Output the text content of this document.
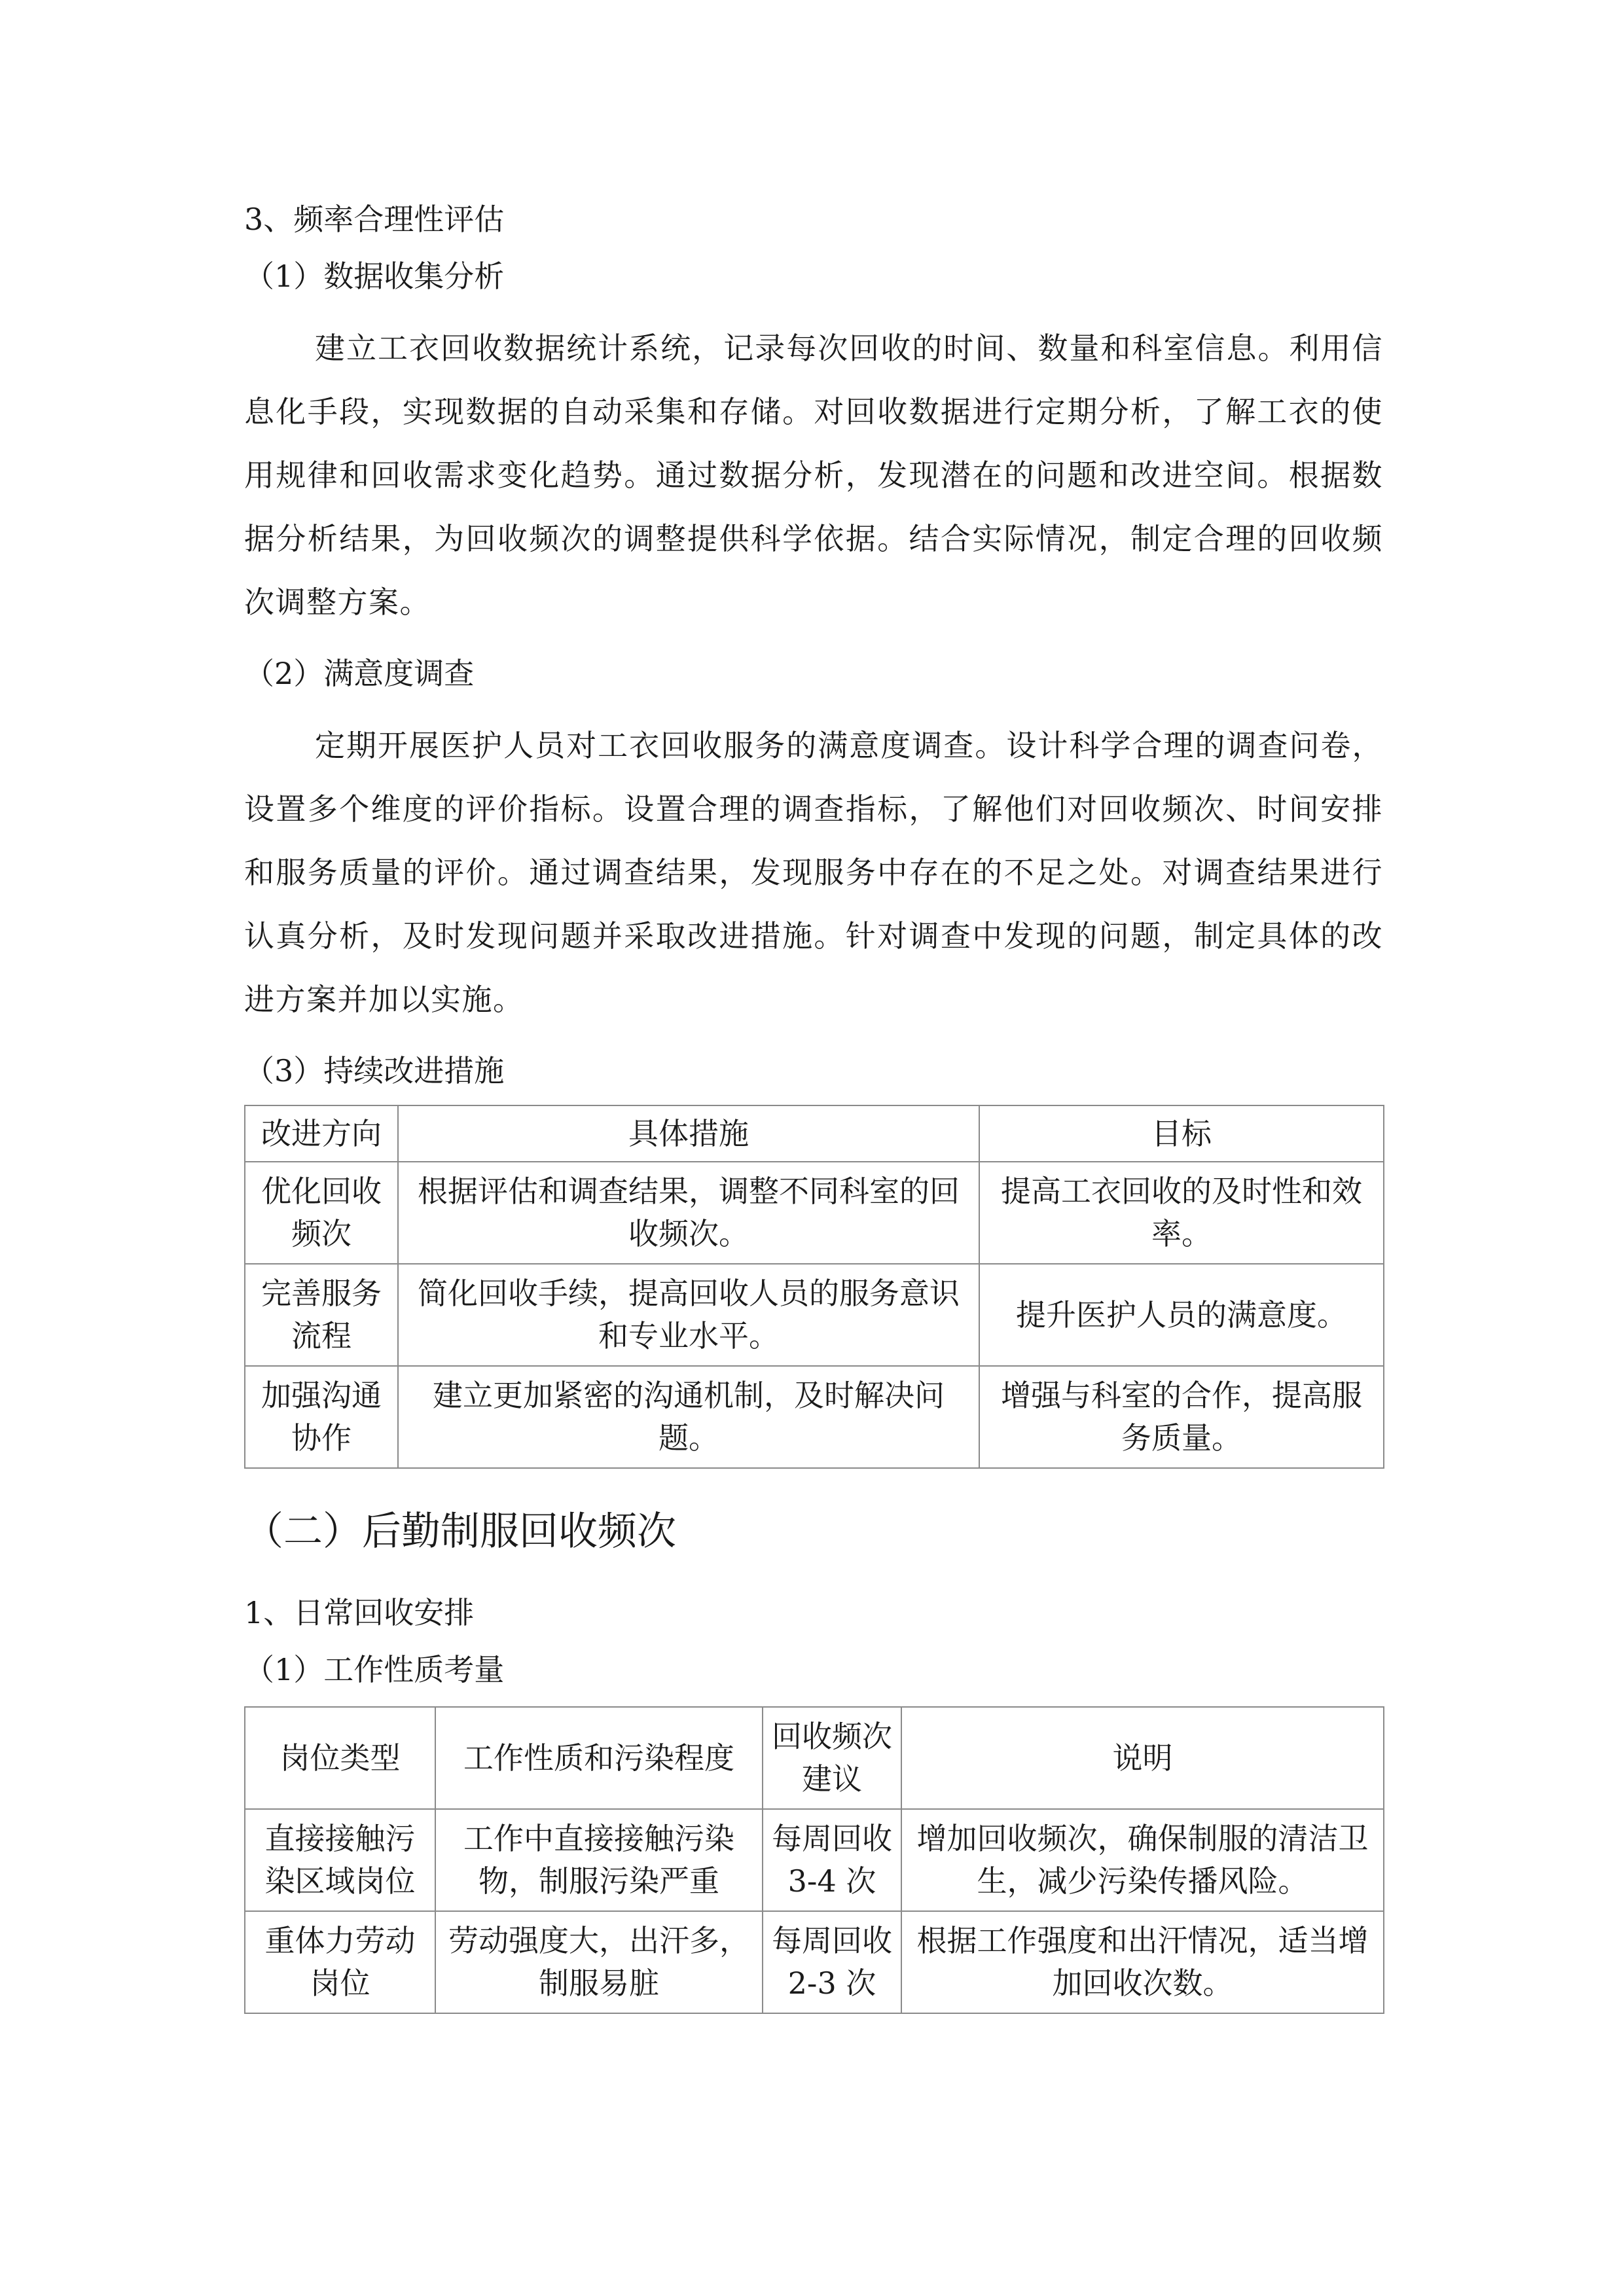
3、频率合理性评估
（1）数据收集分析
建立工衣回收数据统计系统，记录每次回收的时间、数量和科室信息。利用信息化手段，实现数据的自动采集和存储。对回收数据进行定期分析，了解工衣的使用规律和回收需求变化趋势。通过数据分析，发现潜在的问题和改进空间。根据数据分析结果，为回收频次的调整提供科学依据。结合实际情况，制定合理的回收频次调整方案。
（2）满意度调查
定期开展医护人员对工衣回收服务的满意度调查。设计科学合理的调查问卷，设置多个维度的评价指标。设置合理的调查指标，了解他们对回收频次、时间安排和服务质量的评价。通过调查结果，发现服务中存在的不足之处。对调查结果进行认真分析，及时发现问题并采取改进措施。针对调查中发现的问题，制定具体的改进方案并加以实施。
（3）持续改进措施
改进方向	具体措施	目标
优化回收频次	根据评估和调查结果，调整不同科室的回收频次。	提高工衣回收的及时性和效率。
完善服务流程	简化回收手续，提高回收人员的服务意识和专业水平。	提升医护人员的满意度。
加强沟通协作	建立更加紧密的沟通机制，及时解决问题。	增强与科室的合作，提高服务质量。
（二）后勤制服回收频次
1、日常回收安排
（1）工作性质考量
岗位类型	工作性质和污染程度	回收频次建议	说明
直接接触污染区域岗位	工作中直接接触污染物，制服污染严重	每周回收 3-4 次	增加回收频次，确保制服的清洁卫生，减少污染传播风险。
重体力劳动岗位	劳动强度大，出汗多，制服易脏	每周回收 2-3 次	根据工作强度和出汗情况，适当增加回收次数。
